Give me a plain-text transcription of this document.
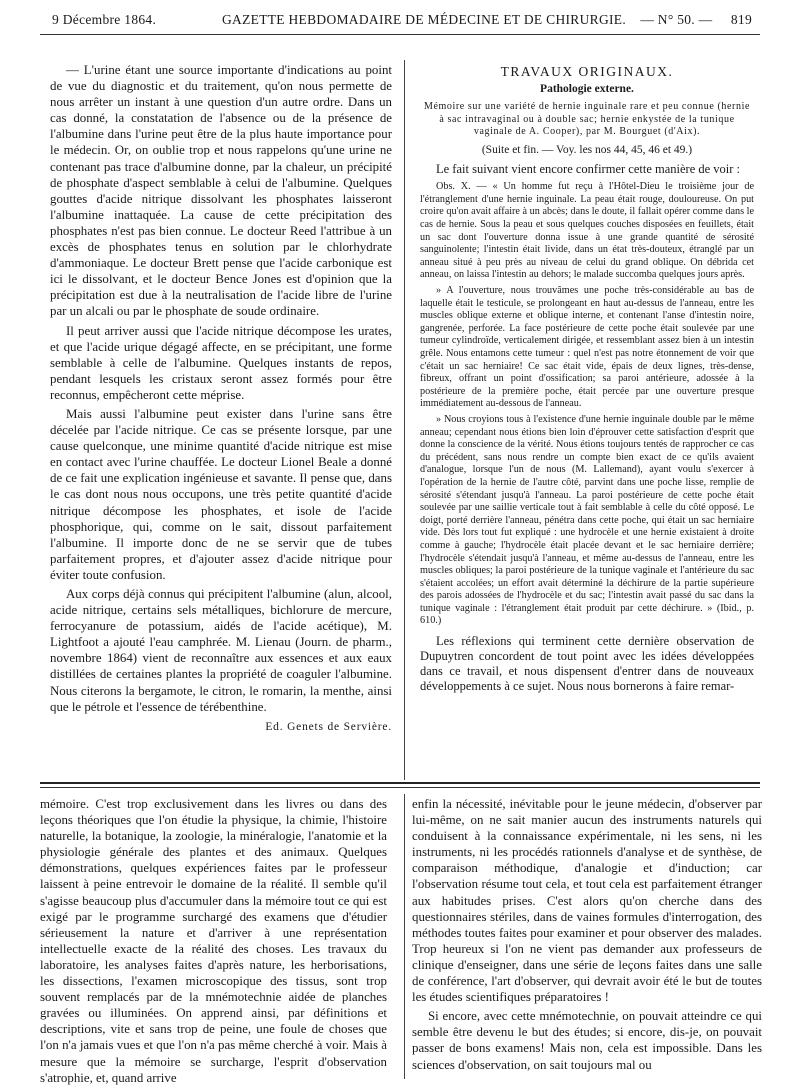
9 Décembre 1864.	GAZETTE HEBDOMADAIRE DE MÉDECINE ET DE CHIRURGIE. — N° 50. — 819

— L'urine étant une source importante d'indications au point de vue du diagnostic et du traitement, qu'on nous permette de nous arrêter un instant à une question d'un autre ordre. Dans un cas donné, la constatation de l'absence ou de la présence de l'albumine dans l'urine peut être de la plus haute importance pour le médecin. Or, on oublie trop et nous rappelons qu'une urine ne contenant pas trace d'albumine donne, par la chaleur, un précipité de phosphate d'aspect semblable à celui de l'albumine. Quelques gouttes d'acide nitrique dissolvant les phosphates laisseront l'albumine inattaquée. La cause de cette précipitation des phosphates n'est pas bien connue. Le docteur Reed l'attribue à un excès de phosphates tenus en solution par le chlorhydrate d'ammoniaque. Le docteur Brett pense que l'acide carbonique est ici le dissolvant, et le docteur Bence Jones est d'opinion que la précipitation est due à la neutralisation de l'acide libre de l'urine par un alcali ou par le phosphate de soude ordinaire.

Il peut arriver aussi que l'acide nitrique décompose les urates, et que l'acide urique dégagé affecte, en se précipitant, une forme semblable à celle de l'albumine. Quelques instants de repos, pendant lesquels les cristaux seront assez formés pour être reconnus, empêcheront cette méprise.

Mais aussi l'albumine peut exister dans l'urine sans être décelée par l'acide nitrique. Ce cas se présente lorsque, par une cause quelconque, une minime quantité d'acide nitrique est mise en contact avec l'urine chauffée. Le docteur Lionel Beale a donné de ce fait une explication ingénieuse et savante. Il pense que, dans le cas dont nous nous occupons, une très petite quantité d'acide nitrique décompose les phosphates, et isole de l'acide phosphorique, qui, comme on le sait, dissout parfaitement l'albumine. Il importe donc de ne se servir que de tubes parfaitement propres, et d'ajouter assez d'acide nitrique pour éviter toute confusion.

Aux corps déjà connus qui précipitent l'albumine (alun, alcool, acide nitrique, certains sels métalliques, bichlorure de mercure, ferrocyanure de potassium, aidés de l'acide acétique), M. Lightfoot a ajouté l'eau camphrée. M. Lienau (Journ. de pharm., novembre 1864) vient de reconnaître aux essences et aux eaux distillées de certaines plantes la propriété de coaguler l'albumine. Nous citerons la bergamote, le citron, le romarin, la menthe, ainsi que le pétrole et l'essence de térébenthine.

Ed. Genets de Servière.
TRAVAUX ORIGINAUX.
Pathologie externe.
Mémoire sur une variété de hernie inguinale rare et peu connue (hernie à sac intravaginal ou à double sac; hernie enkystée de la tunique vaginale de A. Cooper), par M. Bourguet (d'Aix).
(Suite et fin. — Voy. les nos 44, 45, 46 et 49.)
Le fait suivant vient encore confirmer cette manière de voir :

Obs. X. — « Un homme fut reçu à l'Hôtel-Dieu le troisième jour de l'étranglement d'une hernie inguinale. La peau était rouge, douloureuse. On put croire qu'on avait affaire à un abcès; dans le doute, il fallait opérer comme dans le cas de hernie. Sous la peau et sous quelques couches disposées en feuillets, était un sac dont l'ouverture donna issue à une grande quantité de sérosité sanguinolente; l'intestin était livide, dans un état très-douteux, étranglé par un anneau situé à peu près au niveau de celui du grand oblique. On débrida cet anneau, on laissa l'intestin au dehors; le malade succomba quelques jours après.

» A l'ouverture, nous trouvâmes une poche très-considérable au bas de laquelle était le testicule, se prolongeant en haut au-dessus de l'anneau, entre les muscles oblique externe et oblique interne, et contenant l'anse d'intestin noire, gangrenée, perforée. La face postérieure de cette poche était soulevée par une tumeur cylindroïde, verticalement dirigée, et ressemblant assez bien à un intestin grêle. Nous entamons cette tumeur : quel n'est pas notre étonnement de voir que c'était un sac herniaire! Ce sac était vide, épais de deux lignes, très-dense, fibreux, offrant un point d'ossification; sa paroi antérieure, adossée à la postérieure de la première poche, était percée par une ouverture presque immédiatement au-dessous de l'anneau.

» Nous croyions tous à l'existence d'une hernie inguinale double par le même anneau; cependant nous étions bien loin d'éprouver cette satisfaction d'esprit que donne la conscience de la vérité. Nous étions toujours tentés de rapprocher ce cas du précédent, sans nous rendre un compte bien exact de ce qu'ils avaient d'analogue, lorsque l'un de nous (M. Lallemand), ayant voulu s'exercer à l'opération de la hernie de l'autre côté, parvint dans une poche lisse, remplie de sérosité s'étendant jusqu'à l'anneau. La paroi postérieure de cette poche était soulevée par une saillie verticale tout à fait semblable à celle du côté opposé. Le doigt, porté derrière l'anneau, pénétra dans cette poche, qui était un sac herniaire vide. Dès lors tout fut expliqué : une hydrocèle et une hernie existaient à droite comme à gauche; l'hydrocèle était placée devant et le sac herniaire derrière; l'hydrocèle s'étendait jusqu'à l'anneau, et même au-dessus de l'anneau, entre les muscles obliques; la paroi postérieure de la tunique vaginale et l'antérieure du sac s'étaient accolées; un effort avait déterminé la déchirure de la partie supérieure des parois adossées de l'hydrocèle et du sac; l'intestin avait passé du sac dans la tunique vaginale : l'étranglement était produit par cette déchirure. » (Ibid., p. 610.)

Les réflexions qui terminent cette dernière observation de Dupuytren concordent de tout point avec les idées développées dans ce travail, et nous dispensent d'entrer dans de nouveaux développements à ce sujet. Nous nous bornerons à faire remar-

mémoire. C'est trop exclusivement dans les livres ou dans des leçons théoriques que l'on étudie la physique, la chimie, l'histoire naturelle, la botanique, la zoologie, la minéralogie, l'anatomie et la physiologie générale des plantes et des animaux. Quelques démonstrations, quelques expériences faites par le professeur laissent à peine entrevoir le domaine de la réalité. Il semble qu'il s'agisse beaucoup plus d'accumuler dans la mémoire tout ce qui est exigé par le programme surchargé des examens que d'étudier sérieusement la nature et d'arriver à une représentation intellectuelle exacte de la réalité des choses. Les travaux du laboratoire, les analyses faites d'après nature, les herborisations, les dissections, l'examen microscopique des tissus, sont trop souvent remplacés par de la mnémotechnie aidée de planches gravées ou illuminées. On apprend ainsi, par définitions et descriptions, vite et sans trop de peine, une foule de choses que l'on n'a jamais vues et que l'on n'a pas même cherché à voir. Mais à mesure que la mémoire se surcharge, l'esprit d'observation s'atrophie, et, quand arrive

enfin la nécessité, inévitable pour le jeune médecin, d'observer par lui-même, on ne sait manier aucun des instruments naturels qui conduisent à la connaissance expérimentale, ni les sens, ni les instruments, ni les procédés rationnels d'analyse et de synthèse, de comparaison méthodique, d'analogie et d'induction; car l'observation résume tout cela, et tout cela est parfaitement étranger aux habitudes prises. C'est alors qu'on cherche dans des questionnaires stériles, dans de vaines formules d'interrogation, des méthodes toutes faites pour examiner et pour observer des malades. Trop heureux si l'on ne vient pas demander aux professeurs de clinique d'enseigner, dans une série de leçons faites dans une salle de conférence, l'art d'observer, qui devrait avoir été le but de toutes les études scientifiques préparatoires !

Si encore, avec cette mnémotechnie, on pouvait atteindre ce qui semble être devenu le but des études; si encore, dis-je, on pouvait passer de bons examens! Mais non, cela est impossible. Dans les sciences d'observation, on sait toujours mal ou
